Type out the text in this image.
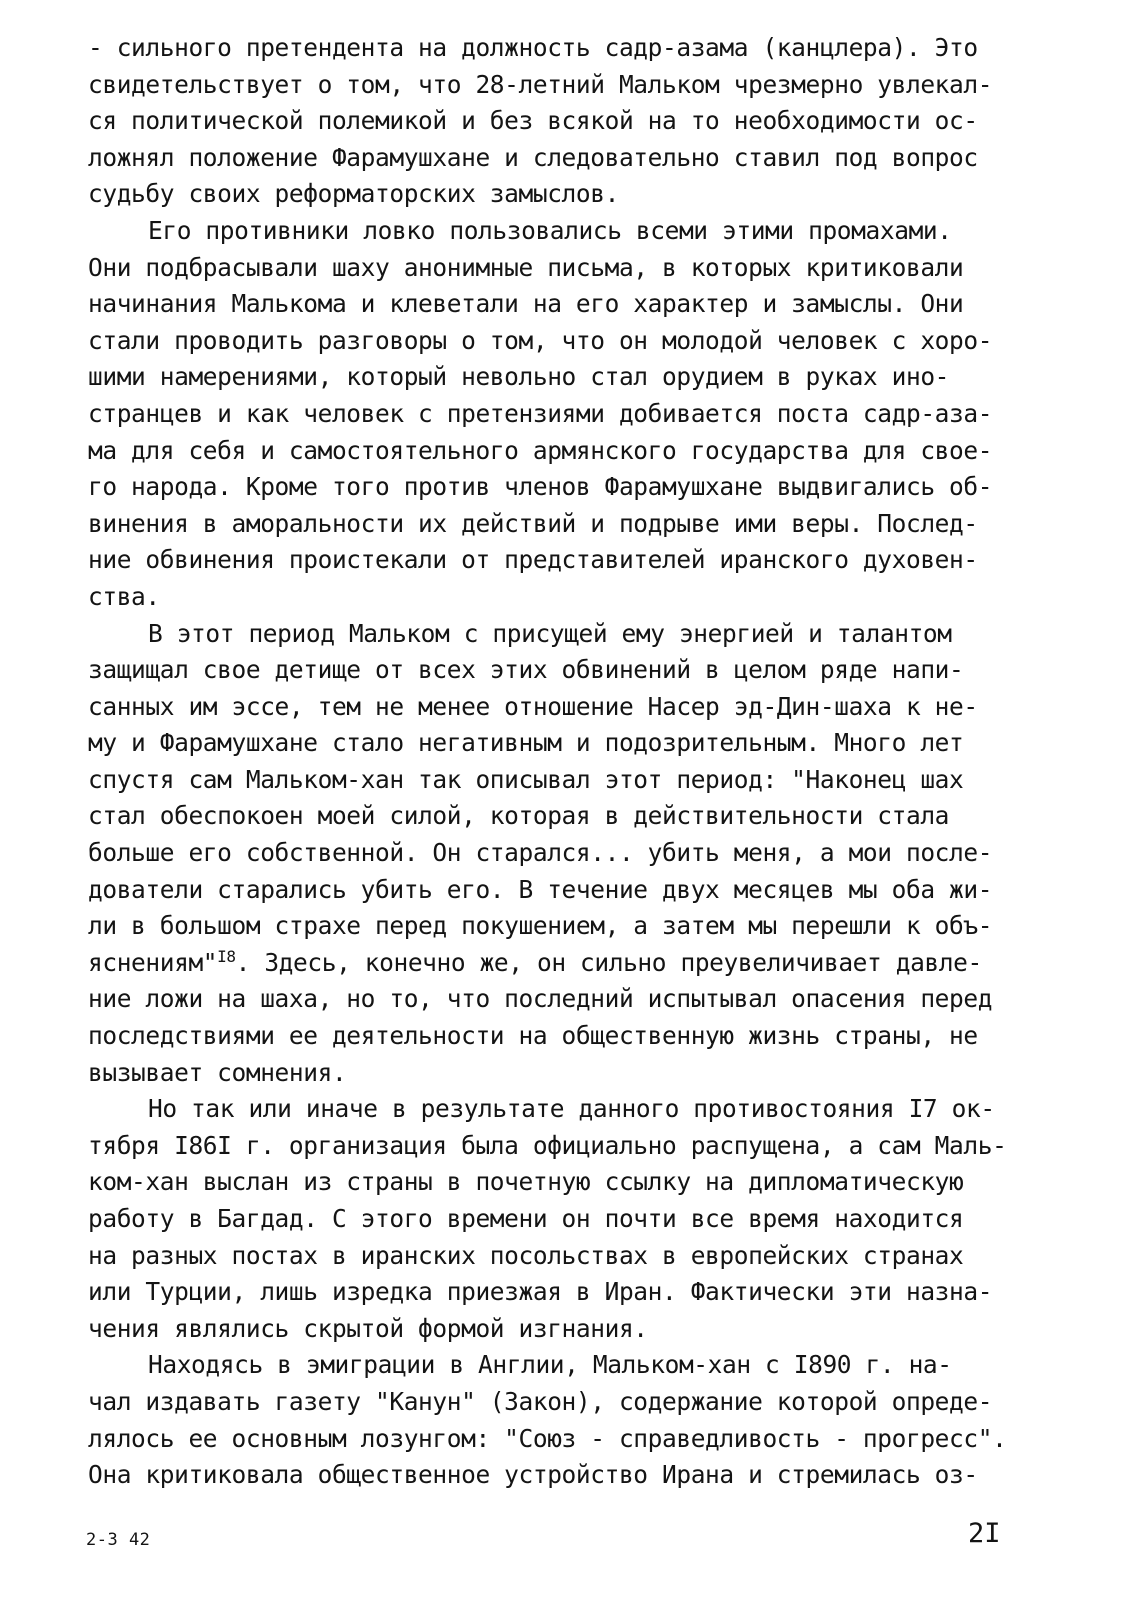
- сильного претендента на должность садр-азама (канцлера). Это
свидетельствует о том, что 28-летний Мальком чрезмерно увлекал-
ся политической полемикой и без всякой на то необходимости ос-
ложнял положение Фарамушхане и следовательно ставил под вопрос
судьбу своих реформаторских замыслов.
Его противники ловко пользовались всеми этими промахами.
Они подбрасывали шаху анонимные письма, в которых критиковали
начинания Малькома и клеветали на его характер и замыслы. Они
стали проводить разговоры о том, что он молодой человек с хоро-
шими намерениями, который невольно стал орудием в руках ино-
странцев и как человек с претензиями добивается поста садр-аза-
ма для себя и самостоятельного армянского государства для свое-
го народа. Кроме того против членов Фарамушхане выдвигались об-
винения в аморальности их действий и подрыве ими веры. Послед-
ние обвинения проистекали от представителей иранского духовен-
ства.
В этот период Мальком с присущей ему энергией и талантом
защищал свое детище от всех этих обвинений в целом ряде напи-
санных им эссе, тем не менее отношение Насер эд-Дин-шаха к не-
му и Фарамушхане стало негативным и подозрительным. Много лет
спустя сам Мальком-хан так описывал этот период: "Наконец шах
стал обеспокоен моей силой, которая в действительности стала
больше его собственной. Он старался... убить меня, а мои после-
дователи старались убить его. В течение двух месяцев мы оба жи-
ли в большом страхе перед покушением, а затем мы перешли к объ-
яснениям"$^{I8}$. Здесь, конечно же, он сильно преувеличивает давле-
ние ложи на шаха, но то, что последний испытывал опасения перед
последствиями ее деятельности на общественную жизнь страны, не
вызывает сомнения.
Но так или иначе в результате данного противостояния I7 ок-
тября I86I г. организация была официально распущена, а сам Маль-
ком-хан выслан из страны в почетную ссылку на дипломатическую
работу в Багдад. С этого времени он почти все время находится
на разных постах в иранских посольствах в европейских странах
или Турции, лишь изредка приезжая в Иран. Фактически эти назна-
чения являлись скрытой формой изгнания.
Находясь в эмиграции в Англии, Мальком-хан с I890 г. на-
чал издавать газету "Канун" (Закон), содержание которой опреде-
лялось ее основным лозунгом: "Союз - справедливость - прогресс".
Она критиковала общественное устройство Ирана и стремилась оз-
2-3 42	2I
